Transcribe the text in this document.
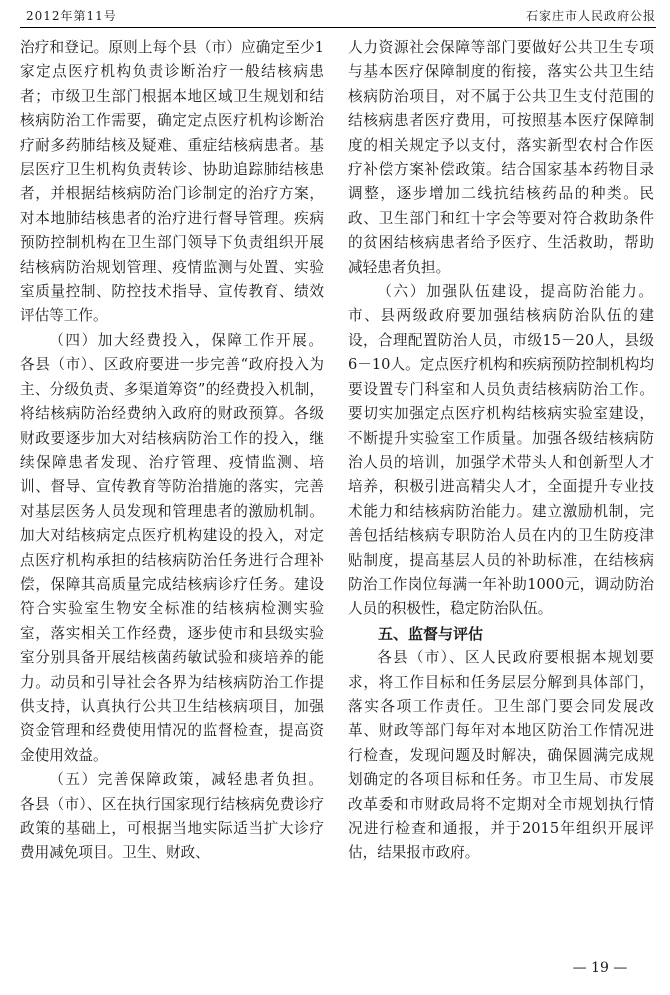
2012年第11号	石家庄市人民政府公报

治疗和登记。原则上每个县（市）应确定至少1家定点医疗机构负责诊断治疗一般结核病患者；市级卫生部门根据本地区域卫生规划和结核病防治工作需要，确定定点医疗机构诊断治疗耐多药肺结核及疑难、重症结核病患者。基层医疗卫生机构负责转诊、协助追踪肺结核患者，并根据结核病防治门诊制定的治疗方案，对本地肺结核患者的治疗进行督导管理。疾病预防控制机构在卫生部门领导下负责组织开展结核病防治规划管理、疫情监测与处置、实验室质量控制、防控技术指导、宣传教育、绩效评估等工作。

（四）加大经费投入，保障工作开展。各县（市）、区政府要进一步完善“政府投入为主、分级负责、多渠道筹资”的经费投入机制，将结核病防治经费纳入政府的财政预算。各级财政要逐步加大对结核病防治工作的投入，继续保障患者发现、治疗管理、疫情监测、培训、督导、宣传教育等防治措施的落实，完善对基层医务人员发现和管理患者的激励机制。加大对结核病定点医疗机构建设的投入，对定点医疗机构承担的结核病防治任务进行合理补偿，保障其高质量完成结核病诊疗任务。建设符合实验室生物安全标准的结核病检测实验室，落实相关工作经费，逐步使市和县级实验室分别具备开展结核菌药敏试验和痰培养的能力。动员和引导社会各界为结核病防治工作提供支持，认真执行公共卫生结核病项目，加强资金管理和经费使用情况的监督检查，提高资金使用效益。

（五）完善保障政策，减轻患者负担。各县（市）、区在执行国家现行结核病免费诊疗政策的基础上，可根据当地实际适当扩大诊疗费用减免项目。卫生、财政、

人力资源社会保障等部门要做好公共卫生专项与基本医疗保障制度的衔接，落实公共卫生结核病防治项目，对不属于公共卫生支付范围的结核病患者医疗费用，可按照基本医疗保障制度的相关规定予以支付，落实新型农村合作医疗补偿方案补偿政策。结合国家基本药物目录调整，逐步增加二线抗结核药品的种类。民政、卫生部门和红十字会等要对符合救助条件的贫困结核病患者给予医疗、生活救助，帮助减轻患者负担。

（六）加强队伍建设，提高防治能力。市、县两级政府要加强结核病防治队伍的建设，合理配置防治人员，市级15－20人，县级6－10人。定点医疗机构和疾病预防控制机构均要设置专门科室和人员负责结核病防治工作。要切实加强定点医疗机构结核病实验室建设，不断提升实验室工作质量。加强各级结核病防治人员的培训，加强学术带头人和创新型人才培养，积极引进高精尖人才，全面提升专业技术能力和结核病防治能力。建立激励机制，完善包括结核病专职防治人员在内的卫生防疫津贴制度，提高基层人员的补助标准，在结核病防治工作岗位每满一年补助1000元，调动防治人员的积极性，稳定防治队伍。

五、监督与评估

各县（市）、区人民政府要根据本规划要求，将工作目标和任务层层分解到具体部门，落实各项工作责任。卫生部门要会同发展改革、财政等部门每年对本地区防治工作情况进行检查，发现问题及时解决，确保圆满完成规划确定的各项目标和任务。市卫生局、市发展改革委和市财政局将不定期对全市规划执行情况进行检查和通报，并于2015年组织开展评估，结果报市政府。

— 19 —
